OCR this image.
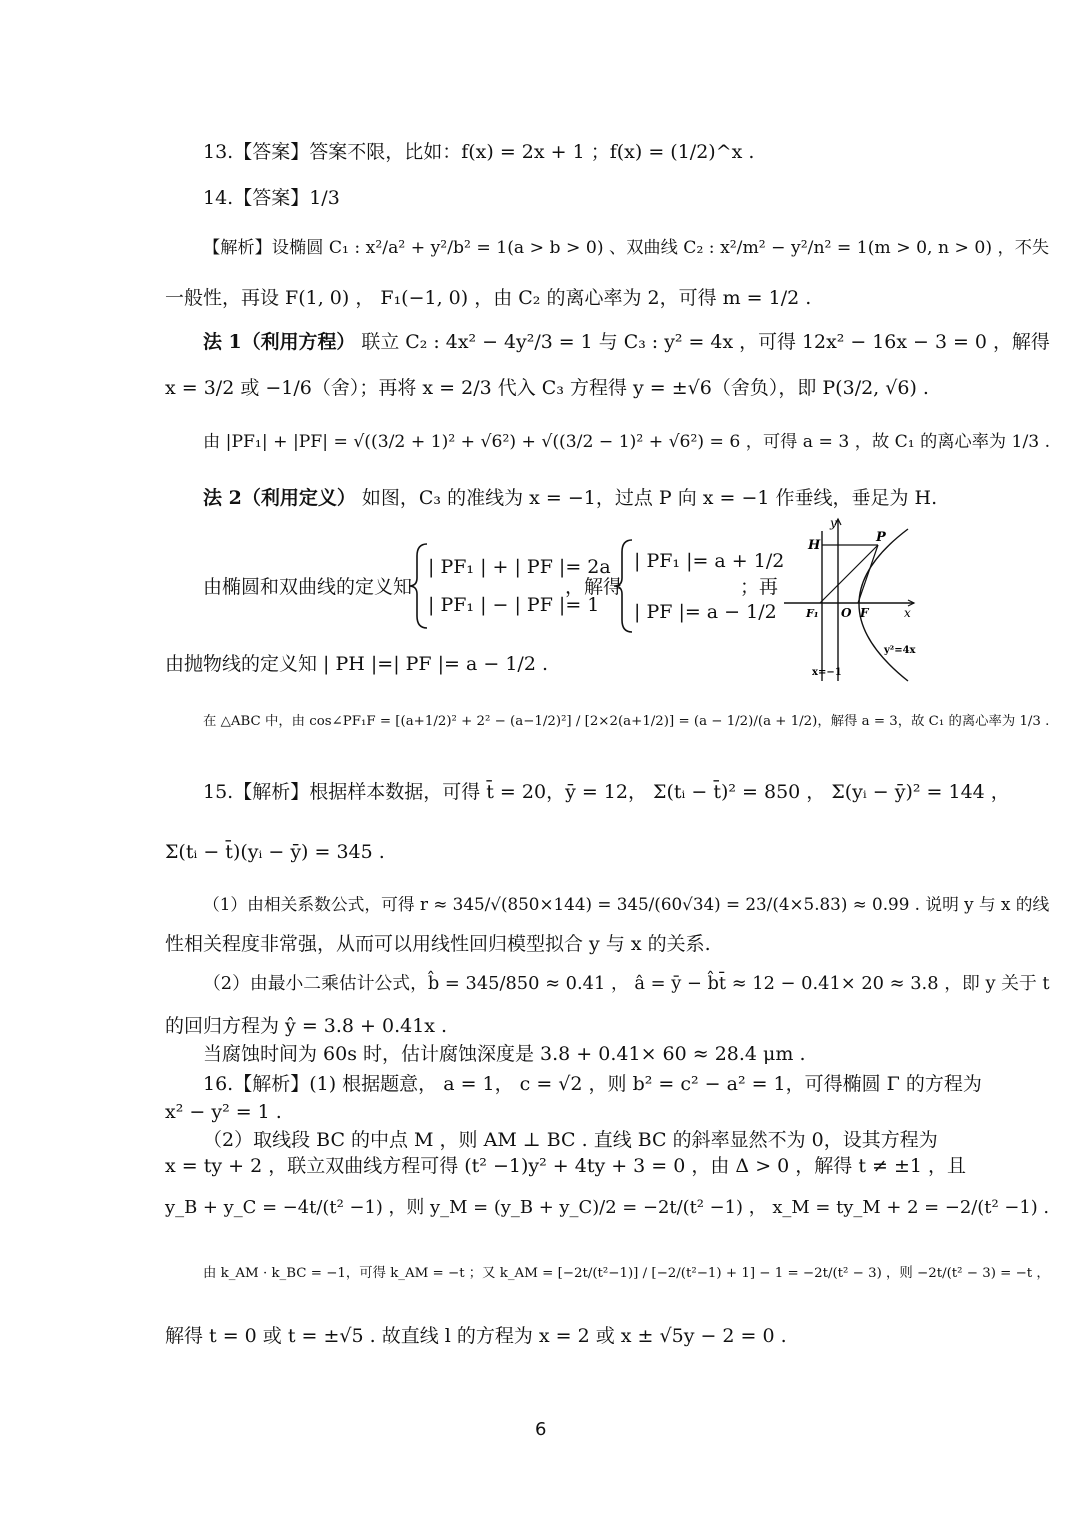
13.【答案】答案不限，比如：f(x) = 2x + 1 ；f(x) = (1/2)^x .
14.【答案】1/3
【解析】设椭圆 C₁ : x²/a² + y²/b² = 1(a > b > 0) 、双曲线 C₂ : x²/m² − y²/n² = 1(m > 0, n > 0) ，不失
一般性，再设 F(1, 0) ， F₁(−1, 0) ，由 C₂ 的离心率为 2，可得 m = 1/2 .
法 1（利用方程） 联立 C₂ : 4x² − 4y²/3 = 1 与 C₃ : y² = 4x ，可得 12x² − 16x − 3 = 0 ，解得
x = 3/2 或 −1/6（舍）；再将 x = 2/3 代入 C₃ 方程得 y = ±√6（舍负），即 P(3/2, √6) .
由 |PF₁| + |PF| = √((3/2 + 1)² + √6²) + √((3/2 − 1)² + √6²) = 6 ，可得 a = 3 ，故 C₁ 的离心率为 1/3 .
法 2（利用定义） 如图，C₃ 的准线为 x = −1，过点 P 向 x = −1 作垂线，垂足为 H.
由椭圆和双曲线的定义知
| PF₁ | + | PF |= 2a
| PF₁ | − | PF |= 1
，解得
| PF₁ |= a + 1/2
| PF |= a − 1/2
；再
H
P
y
x
F₁ O F
y²=4x
x=−1
由抛物线的定义知 | PH |=| PF |= a − 1/2 .
在 △ABC 中，由 cos∠PF₁F = [(a+1/2)² + 2² − (a−1/2)²] / [2×2(a+1/2)] = (a − 1/2)/(a + 1/2)，解得 a = 3，故 C₁ 的离心率为 1/3 .
15.【解析】根据样本数据，可得 t̄ = 20，ȳ = 12， Σ(tᵢ − t̄)² = 850 ， Σ(yᵢ − ȳ)² = 144 ，
Σ(tᵢ − t̄)(yᵢ − ȳ) = 345 .
（1）由相关系数公式，可得 r ≈ 345/√(850×144) = 345/(60√34) = 23/(4×5.83) ≈ 0.99 . 说明 y 与 x 的线
性相关程度非常强，从而可以用线性回归模型拟合 y 与 x 的关系.
（2）由最小二乘估计公式，b̂ = 345/850 ≈ 0.41 ， â = ȳ − b̂t̄ ≈ 12 − 0.41× 20 ≈ 3.8 ，即 y 关于 t
的回归方程为 ŷ = 3.8 + 0.41x .
当腐蚀时间为 60s 时，估计腐蚀深度是 3.8 + 0.41× 60 ≈ 28.4 μm .
16.【解析】(1) 根据题意， a = 1， c = √2 ，则 b² = c² − a² = 1，可得椭圆 Γ 的方程为
x² − y² = 1 .
（2）取线段 BC 的中点 M ，则 AM ⊥ BC . 直线 BC 的斜率显然不为 0，设其方程为
x = ty + 2 ，联立双曲线方程可得 (t² −1)y² + 4ty + 3 = 0 ，由 Δ > 0 ，解得 t ≠ ±1 ，且
y_B + y_C = −4t/(t² −1) ，则 y_M = (y_B + y_C)/2 = −2t/(t² −1) ， x_M = ty_M + 2 = −2/(t² −1) .
由 k_AM · k_BC = −1，可得 k_AM = −t ；又 k_AM = [−2t/(t²−1)] / [−2/(t²−1) + 1] − 1 = −2t/(t² − 3) ，则 −2t/(t² − 3) = −t ，
解得 t = 0 或 t = ±√5 . 故直线 l 的方程为 x = 2 或 x ± √5y − 2 = 0 .
6
